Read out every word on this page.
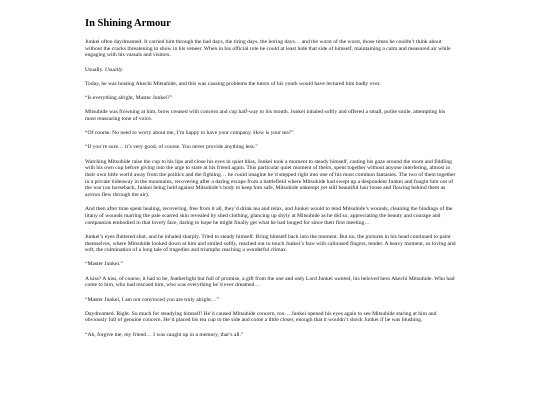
In Shining Armour

Junkei often daydreamed. It carried him through the bad days, the tiring days, the boring days… and the worst of the worst, those times he couldn’t think about without the cracks threatening to show in his veneer. When in his official role he could at least hide that side of himself, maintaining a calm and measured air while engaging with his vassals and visitors.

Usually. Usually.

Today, he was hosting Akechi Mitsuhide, and this was causing problems the tutors of his youth would have lectured him badly over.

“Is everything alright, Master Junkei?”

Mitsuhide was frowning at him, brow creased with concern and cup half-way to his mouth. Junkei inhaled softly and offered a small, polite smile, attempting his most reassuring tone of voice.

“Of course. No need to worry about me, I’m happy to have your company. How is your tea?”

“If you’re sure… it’s very good, of course. You never provide anything less.”

Watching Mitsuhide raise the cup to his lips and close his eyes in quiet bliss, Junkei took a moment to steady himself, casting his gaze around the room and fiddling with his own cup before giving into the urge to stare at his friend again. This particular quiet moment of theirs, spent together without anyone interfering, almost in their own little world away from the politics and the fighting… he could imagine he’d stepped right into one of his most common fantasies. The two of them together in a private hideaway in the mountains, recovering after a daring escape from a battlefield where Mitsuhide had swept up a despondent Junkei and fought him out of the war (on horseback, Junkei being held against Mitsuhide’s body to keep him safe, Mitsuhide unkempt yet still beautiful hair loose and flowing behind them as arrows flew through the air).

And then after time spent healing, recovering, free from it all, they’d drink tea and relax, and Junkei would to tend Mitsuhide’s wounds, cleaning the bindings of the litany of wounds marring the pale scarred skin revealed by shed clothing, glancing up shyly at Mitsuhide as he did so, appreciating the beauty and courage and compassion embodied in that lovely face, daring to hope he might finally get what he had longed for since their first meeting…

Junkei’s eyes fluttered shut, and he inhaled sharply. Tried to steady himself. Bring himself back into the moment. But no, the pictures in his head continued to paint themselves, where Mitsuhide looked down at him and smiled softly, reached out to touch Junkei’s face with calloused fingers, tender. A heavy moment, so loving and soft, the culmination of a long tale of tragedies and triumphs reaching a wonderful climax.

“Master Junkei.”

A kiss? A kiss, of course, it had to be, featherlight but full of promise, a gift from the one and only Lord Junkei wanted, his beloved hero Akechi Mitsuhide. Who had come to him, who had rescued him, who was everything he’d ever dreamed…

“Master Junkei, I am not convinced you are truly alright…”

Daydreamed. Right. So much for steadying himself! He’d caused Mitsuhide concern, too… Junkei opened his eyes again to see Mitsuhide staring at him and obviously full of genuine concern. He’d placed his tea cup to the side and come a little closer, enough that it wouldn’t shock Junkei if he was blushing.

“Ah, forgive me, my friend… I was caught up in a memory, that’s all.”
